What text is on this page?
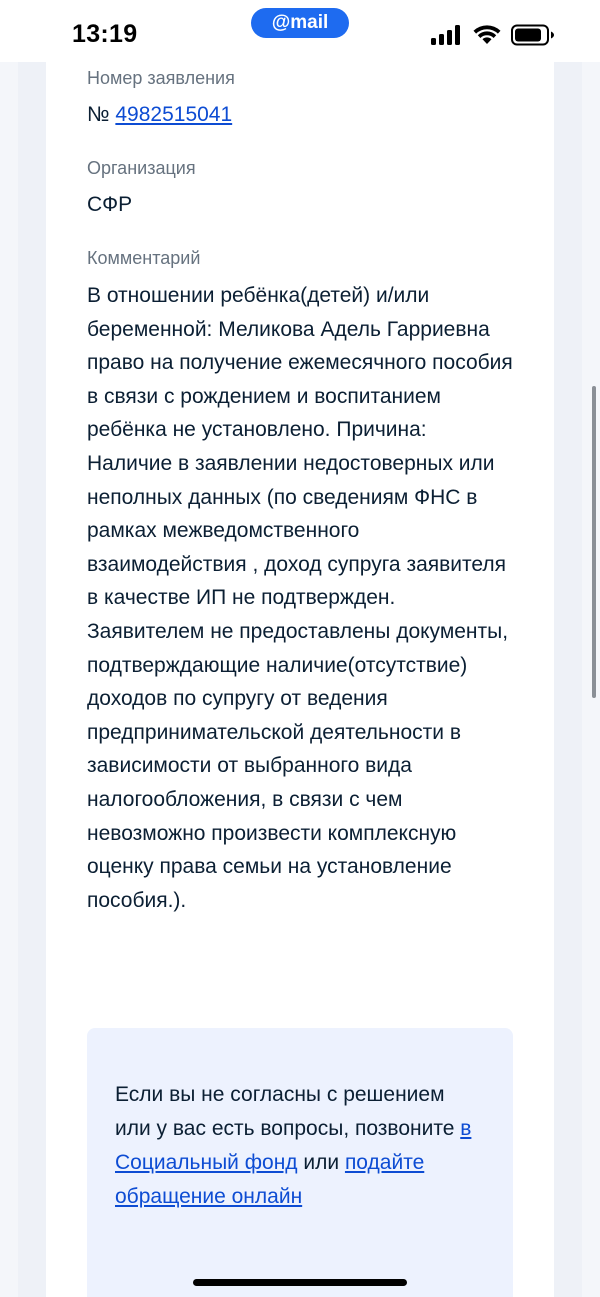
13:19	@mail
Номер заявления
№ 4982515041
Организация
СФР
Комментарий
В отношении ребёнка(детей) и/или беременной: Меликова Адель Гарриевна право на получение ежемесячного пособия в связи с рождением и воспитанием ребёнка не установлено. Причина: Наличие в заявлении недостоверных или неполных данных (по сведениям ФНС в рамках межведомственного взаимодействия , доход супруга заявителя в качестве ИП не подтвержден. Заявителем не предоставлены документы, подтверждающие наличие(отсутствие) доходов по супругу от ведения предпринимательской деятельности в зависимости от выбранного вида налогообложения, в связи с чем невозможно произвести комплексную оценку права семьи на установление пособия.).
Если вы не согласны с решением или у вас есть вопросы, позвоните в Социальный фонд или подайте обращение онлайн
